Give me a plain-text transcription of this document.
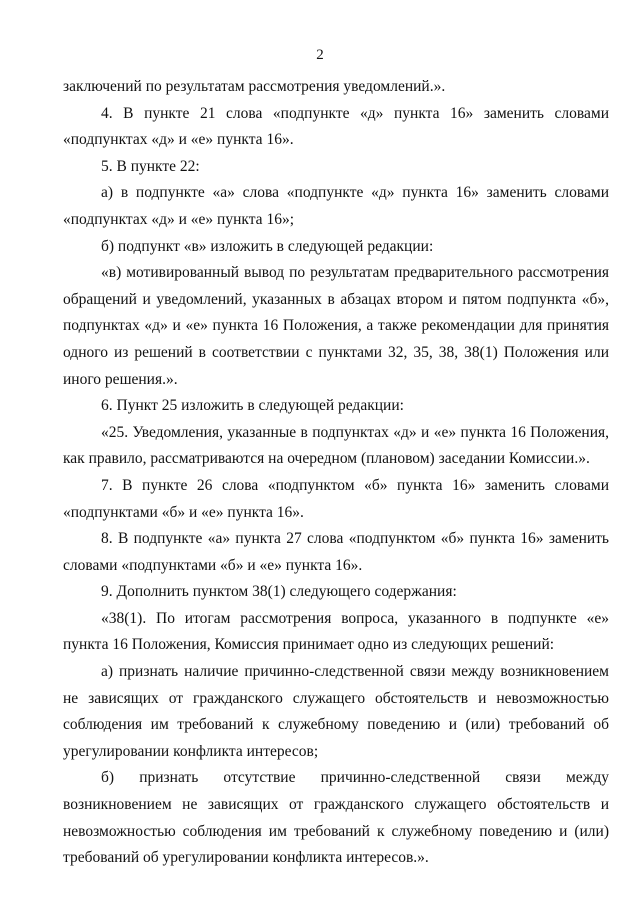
2

заключений по результатам рассмотрения уведомлений.».

4. В пункте 21 слова «подпункте «д» пункта 16» заменить словами «подпунктах «д» и «е» пункта 16».

5. В пункте 22:

а) в подпункте «а» слова «подпункте «д» пункта 16» заменить словами «подпунктах «д» и «е» пункта 16»;

б) подпункт «в» изложить в следующей редакции:

«в) мотивированный вывод по результатам предварительного рассмотрения обращений и уведомлений, указанных в абзацах втором и пятом подпункта «б», подпунктах «д» и «е» пункта 16 Положения, а также рекомендации для принятия одного из решений в соответствии с пунктами 32, 35, 38, 38(1) Положения или иного решения.».

6. Пункт 25 изложить в следующей редакции:

«25. Уведомления, указанные в подпунктах «д» и «е» пункта 16 Положения, как правило, рассматриваются на очередном (плановом) заседании Комиссии.».

7. В пункте 26 слова «подпунктом «б» пункта 16» заменить словами «подпунктами «б» и «е» пункта 16».

8. В подпункте «а» пункта 27 слова «подпунктом «б» пункта 16» заменить словами «подпунктами «б» и «е» пункта 16».

9. Дополнить пунктом 38(1) следующего содержания:

«38(1). По итогам рассмотрения вопроса, указанного в подпункте «е» пункта 16 Положения, Комиссия принимает одно из следующих решений:

а) признать наличие причинно-следственной связи между возникновением не зависящих от гражданского служащего обстоятельств и невозможностью соблюдения им требований к служебному поведению и (или) требований об урегулировании конфликта интересов;

б) признать отсутствие причинно-следственной связи между возникновением не зависящих от гражданского служащего обстоятельств и невозможностью соблюдения им требований к служебному поведению и (или) требований об урегулировании конфликта интересов.».
